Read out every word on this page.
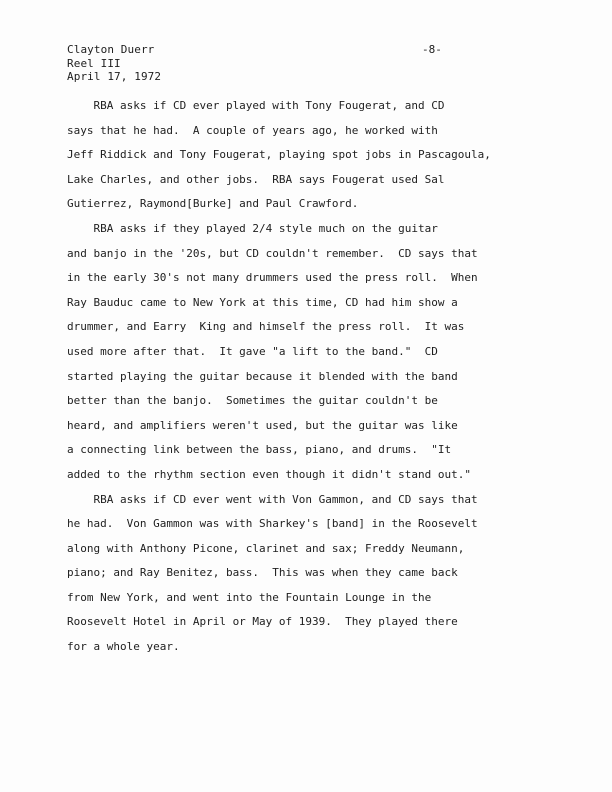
Clayton Duerr
Reel III
April 17, 1972
-8-
RBA asks if CD ever played with Tony Fougerat, and CD
says that he had.  A couple of years ago, he worked with
Jeff Riddick and Tony Fougerat, playing spot jobs in Pascagoula,
Lake Charles, and other jobs.  RBA says Fougerat used Sal
Gutierrez, Raymond[Burke] and Paul Crawford.
RBA asks if they played 2/4 style much on the guitar
and banjo in the '20s, but CD couldn't remember.  CD says that
in the early 30's not many drummers used the press roll.  When
Ray Bauduc came to New York at this time, CD had him show a
drummer, and Earry  King and himself the press roll.  It was
used more after that.  It gave "a lift to the band."  CD
started playing the guitar because it blended with the band
better than the banjo.  Sometimes the guitar couldn't be
heard, and amplifiers weren't used, but the guitar was like
a connecting link between the bass, piano, and drums.  "It
added to the rhythm section even though it didn't stand out."
RBA asks if CD ever went with Von Gammon, and CD says that
he had.  Von Gammon was with Sharkey's [band] in the Roosevelt
along with Anthony Picone, clarinet and sax; Freddy Neumann,
piano; and Ray Benitez, bass.  This was when they came back
from New York, and went into the Fountain Lounge in the
Roosevelt Hotel in April or May of 1939.  They played there
for a whole year.
